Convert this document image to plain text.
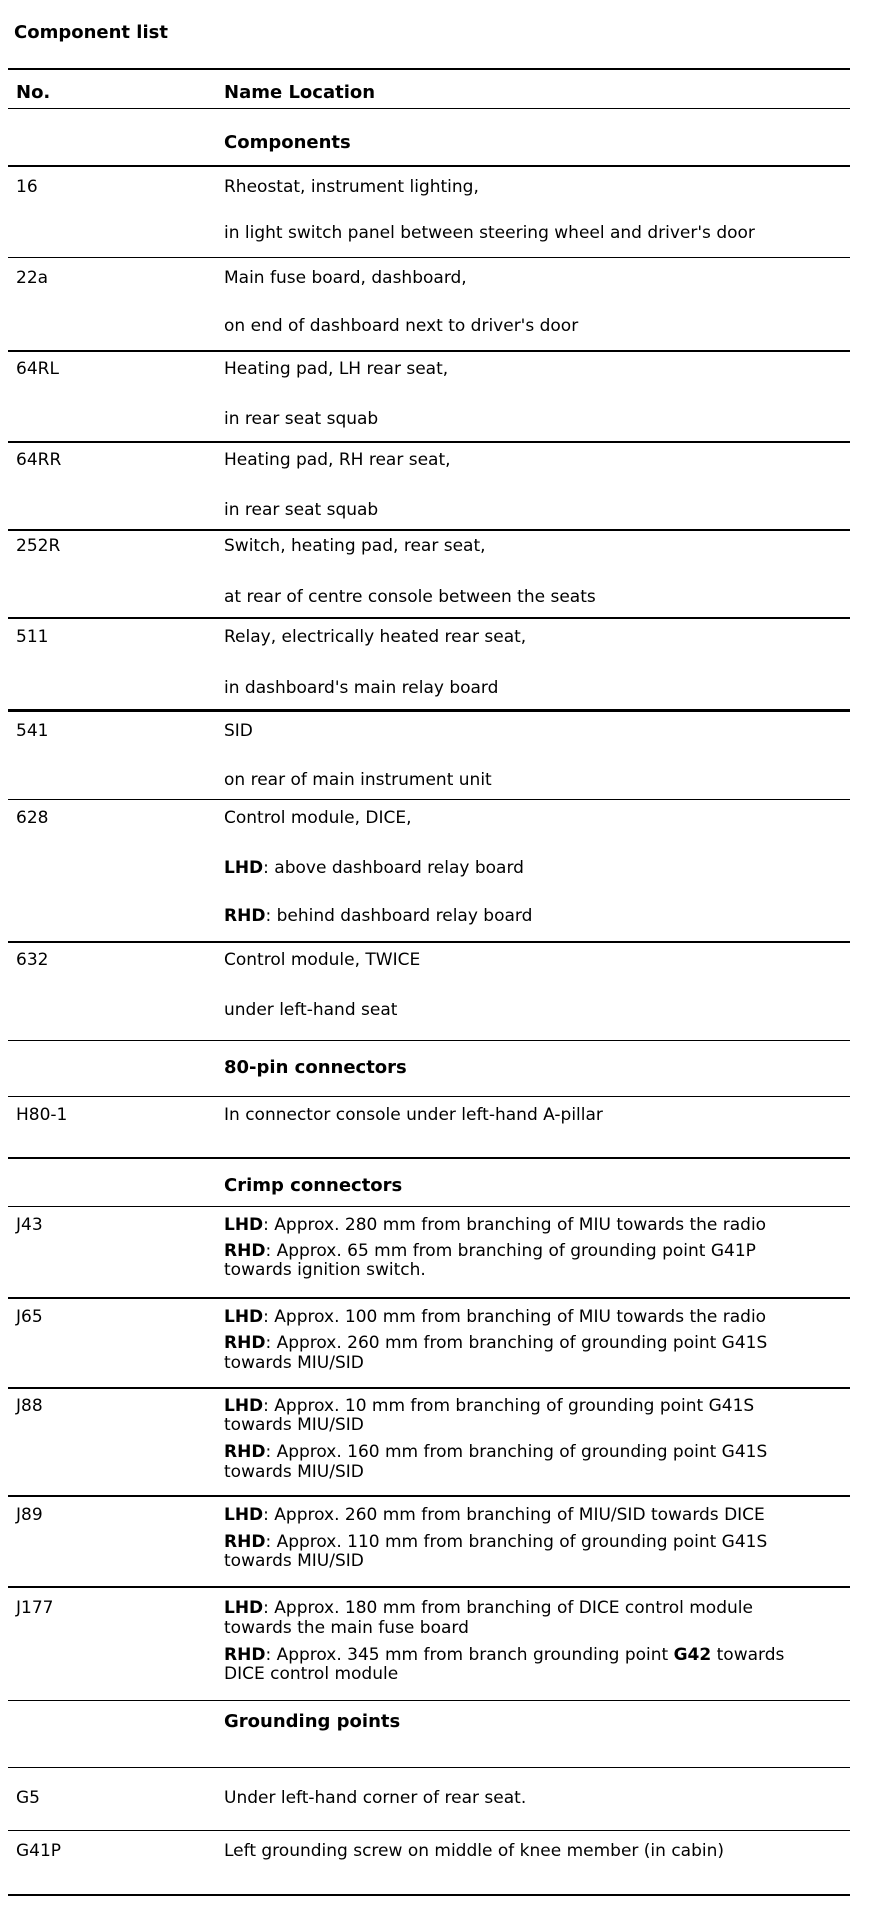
Component list
No.	Name Location
Components
16	Rheostat, instrument lighting,
in light switch panel between steering wheel and driver's door
22a	Main fuse board, dashboard,
on end of dashboard next to driver's door
64RL	Heating pad, LH rear seat,
in rear seat squab
64RR	Heating pad, RH rear seat,
in rear seat squab
252R	Switch, heating pad, rear seat,
at rear of centre console between the seats
511	Relay, electrically heated rear seat,
in dashboard's main relay board
541	SID
on rear of main instrument unit
628	Control module, DICE,
LHD: above dashboard relay board
RHD: behind dashboard relay board
632	Control module, TWICE
under left-hand seat
80-pin connectors
H80-1	In connector console under left-hand A-pillar
Crimp connectors
J43	LHD: Approx. 280 mm from branching of MIU towards the radio
RHD: Approx. 65 mm from branching of grounding point G41P
towards ignition switch.
J65	LHD: Approx. 100 mm from branching of MIU towards the radio
RHD: Approx. 260 mm from branching of grounding point G41S
towards MIU/SID
J88	LHD: Approx. 10 mm from branching of grounding point G41S
towards MIU/SID
RHD: Approx. 160 mm from branching of grounding point G41S
towards MIU/SID
J89	LHD: Approx. 260 mm from branching of MIU/SID towards DICE
RHD: Approx. 110 mm from branching of grounding point G41S
towards MIU/SID
J177	LHD: Approx. 180 mm from branching of DICE control module
towards the main fuse board
RHD: Approx. 345 mm from branch grounding point G42 towards
DICE control module
Grounding points
G5	Under left-hand corner of rear seat.
G41P	Left grounding screw on middle of knee member (in cabin)
